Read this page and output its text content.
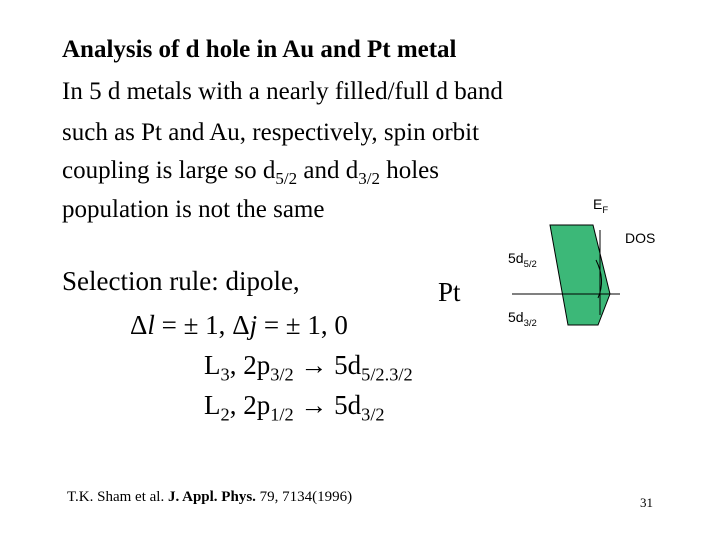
Analysis of d hole in Au and Pt metal
In 5 d metals with a nearly filled/full d band
such as Pt and Au, respectively, spin orbit
coupling is large so $d_{5/2}$ and $d_{3/2}$ holes
population is not the same	$E_F$
DOS
$5d_{5/2}$
$5d_{3/2}$
Selection rule: dipole,	Pt
Δl = ± 1, Δj = ± 1, 0
$L_3$, $2p_{3/2} \to 5d_{5/2.3/2}$
$L_2$, $2p_{1/2} \to 5d_{3/2}$
T.K. Sham et al. J. Appl. Phys. 79, 7134(1996)	31
